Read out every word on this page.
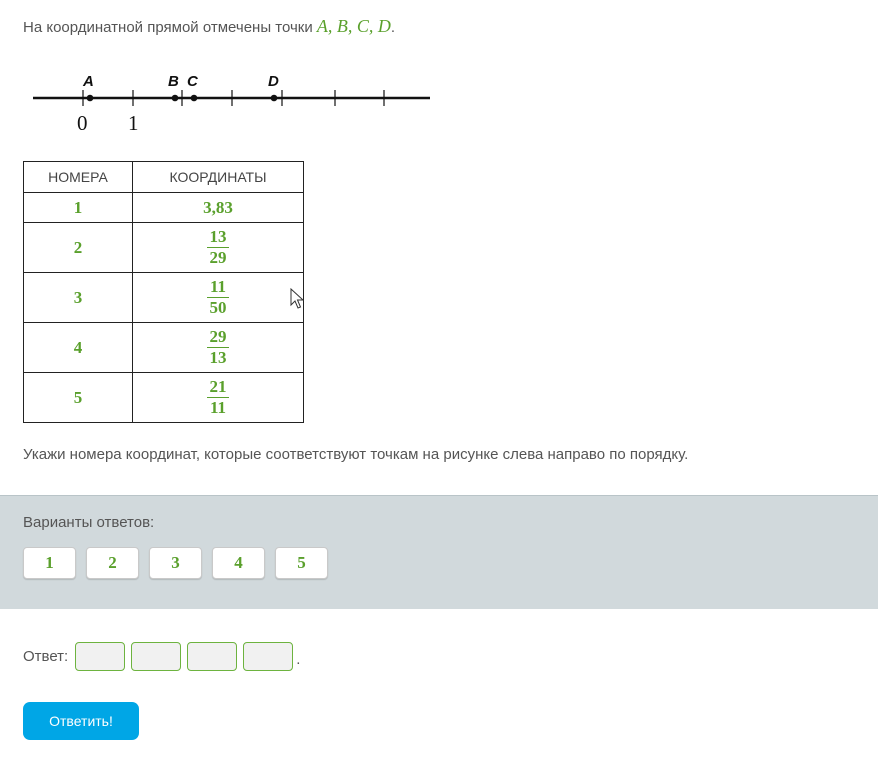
На координатной прямой отмечены точки A, B, C, D.
A	B C	D
0 1
НОМЕРА	КООРДИНАТЫ
1	3,83
2	$\frac{13}{29}$

3	$\frac{11}{50}$

4	$\frac{29}{13}$

5	$\frac{21}{11}$
Укажи номера координат, которые соответствуют точкам на рисунке слева направо по порядку.
Варианты ответов:
1	2	3	4	5
Ответ:	.
Ответить!
